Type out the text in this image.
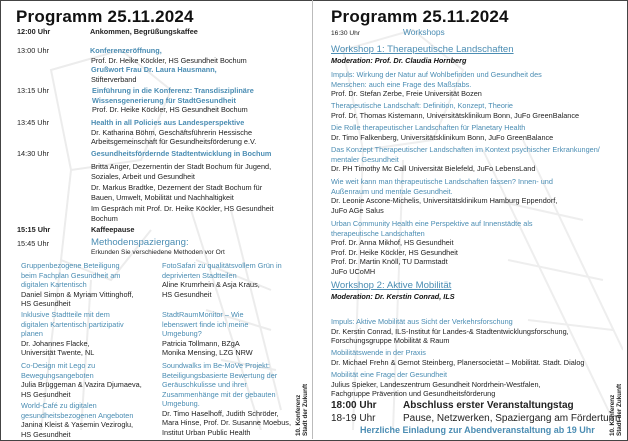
Programm 25.11.2024
12:00 Uhr	Ankommen, Begrüßungskaffee
13:00 Uhr	Konferenzeröffnung,
Prof. Dr. Heike Köckler, HS Gesundheit Bochum
Grußwort Frau Dr. Laura Hausmann,
Stifterverband
13:15 Uhr	Einführung in die Konferenz: Transdisziplinäre
Wissensgenerierung für StadtGesundheit
Prof. Dr. Heike Köckler, HS Gesundheit Bochum
13:45 Uhr	Health in all Policies aus Landesperspektive
Dr. Katharina Böhm, Geschäftsführerin Hessische
Arbeitsgemeinschaft für Gesundheitsförderung e.V.
14:30 Uhr	Gesundheitsfördernde Stadtentwicklung in Bochum
Britta Anger, Dezernentin der Stadt Bochum für Jugend,
Soziales, Arbeit und Gesundheit
Dr. Markus Bradtke, Dezernent der Stadt Bochum für
Bauen, Umwelt, Mobilität und Nachhaltigkeit
Im Gespräch mit Prof. Dr. Heike Köckler, HS Gesundheit
Bochum
15:15 Uhr	Kaffeepause
15:45 Uhr	Methodenspaziergang:
Erkunden Sie verschiedene Methoden vor Ort
Gruppenbezogene Beteiligung
beim Fachplan Gesundheit am
digitalen Kartentisch
Daniel Simon & Myriam Vittinghoff,
HS Gesundheit
Inklusive Stadtteile mit dem
digitalen Kartentisch partizipativ
planen
Dr. Johannes Flacke,
Universität Twente, NL
Co-Design mit Lego zu
Bewegungsangeboten
Julia Brüggeman & Vazira Djumaeva,
HS Gesundheit
World-Café zu digitalen
gesundheitsbezogenen Angeboten
Janina Kleist & Yasemin Veziroglu,
HS Gesundheit
FotoSafari zu qualitätsvollem Grün in
deprivierten Stadtteilen
Aline Krumrhein & Asja Kraus,
HS Gesundheit
StadtRaumMonitor – Wie
lebenswert finde ich meine
Umgebung?
Patricia Tollmann, BZgA
Monika Mensing, LZG NRW
Soundwalks im Be-MoVe Projekt:
Beteiligungsbasierte Bewertung der
Geräuschkulisse und ihrer
Zusammenhänge mit der gebauten
Umgebung.
Dr. Timo Haselhoff, Judith Schröder,
Mara Hinse, Prof. Dr. Susanne Moebus,
Institut Urban Public Health	10. Konferenz Stadt der Zukunft
Programm 25.11.2024
16:30 Uhr	Workshops
Workshop 1: Therapeutische Landschaften
Moderation: Prof. Dr. Claudia Hornberg
Impuls: Wirkung der Natur auf Wohlbefinden und Gesundheit des
Menschen: auch eine Frage des Maßstabs.
Prof. Dr. Stefan Zerbe, Freie Universität Bozen
Therapeutische Landschaft: Definition, Konzept, Theorie
Prof. Dr. Thomas Kistemann, Universitätsklinikum Bonn, JuFo GreenBalance
Die Rolle therapeutischer Landschaften für Planetary Health
Dr. Timo Falkenberg, Universitätsklinikum Bonn, JuFo GreenBalance
Das Konzept Therapeutischer Landschaften im Kontext psychischer Erkrankungen/
mentaler Gesundheit
Dr. PH Timothy Mc Call Universität Bielefeld, JuFo LebensLand
Wie weit kann man therapeutische Landschaften fassen? Innen- und
Außenraum und mentale Gesundheit.
Dr. Leonie Ascone-Michelis, Universitätsklinikum Hamburg Eppendorf,
JuFo AGe Salus
Urban Community Health eine Perspektive auf Innenstädte als
therapeutische Landschaften
Prof. Dr. Anna Mikhof, HS Gesundheit
Prof. Dr. Heike Köckler, HS Gesundheit
Prof. Dr. Martin Knöll, TU Darmstadt
JuFo UCoMH
Workshop 2: Aktive Mobilität
Moderation: Dr. Kerstin Conrad, ILS
Impuls: Aktive Mobilität aus Sicht der Verkehrsforschung
Dr. Kerstin Conrad, ILS-Institut für Landes-& Stadtentwicklungsforschung,
Forschungsgruppe Mobilität & Raum
Mobilitätswende in der Praxis
Dr. Michael Frehn & Gernot Steinberg, Planersocietät – Mobilität. Stadt. Dialog
Mobilität eine Frage der Gesundheit
Julius Spieker, Landeszentrum Gesundheit Nordrhein-Westfalen,
Fachgruppe Prävention und Gesundheitsförderung
18:00 Uhr	Abschluss erster Veranstaltungstag
18-19 Uhr	Pause, Netzwerken, Spaziergang am Förderturm
Herzliche Einladung zur Abendveranstaltung ab 19 Uhr 10. Konferenz Stadt der Zukunft
